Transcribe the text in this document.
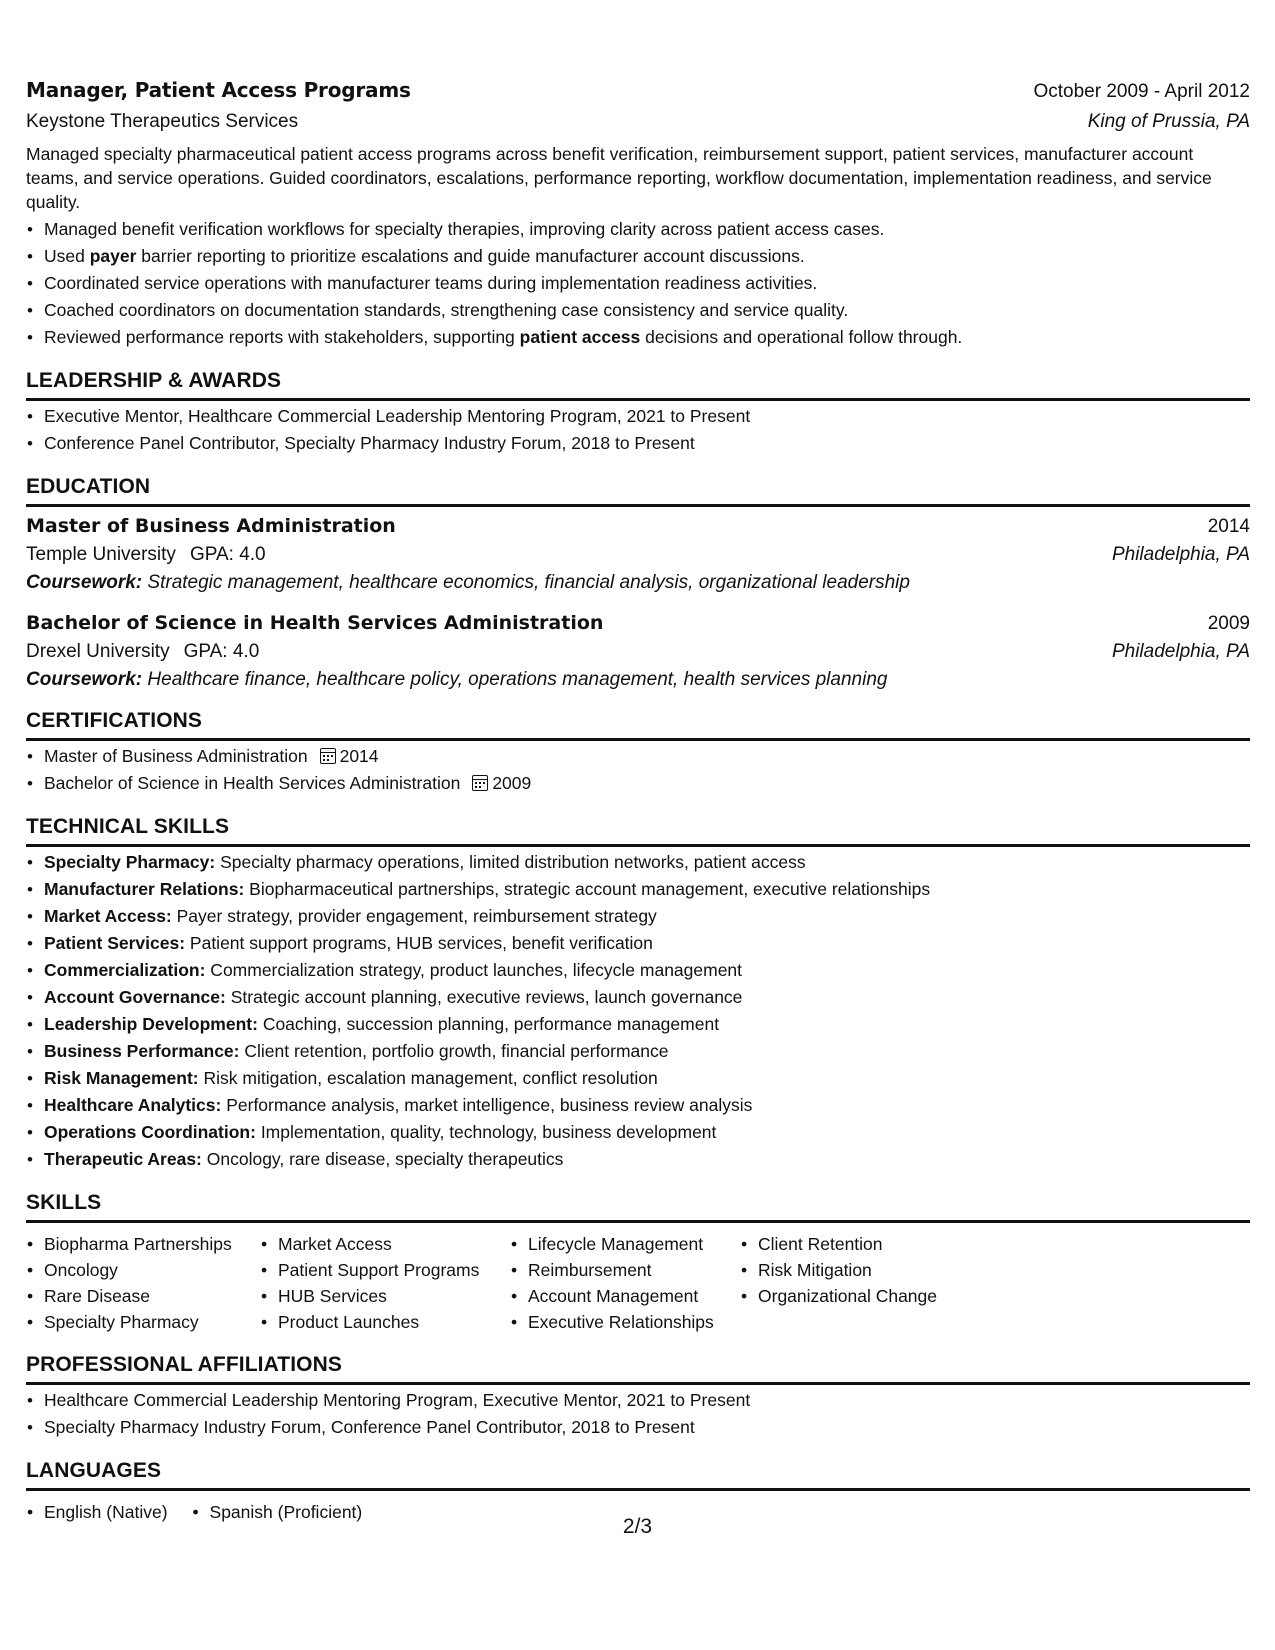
Manager, Patient Access Programs	October 2009 - April 2012
Keystone Therapeutics Services	King of Prussia, PA

Managed specialty pharmaceutical patient access programs across benefit verification, reimbursement support, patient services, manufacturer account teams, and service operations. Guided coordinators, escalations, performance reporting, workflow documentation, implementation readiness, and service quality.

• Managed benefit verification workflows for specialty therapies, improving clarity across patient access cases.
• Used payer barrier reporting to prioritize escalations and guide manufacturer account discussions.
• Coordinated service operations with manufacturer teams during implementation readiness activities.
• Coached coordinators on documentation standards, strengthening case consistency and service quality.
• Reviewed performance reports with stakeholders, supporting patient access decisions and operational follow through.
LEADERSHIP & AWARDS
• Executive Mentor, Healthcare Commercial Leadership Mentoring Program, 2021 to Present
• Conference Panel Contributor, Specialty Pharmacy Industry Forum, 2018 to Present
EDUCATION
Master of Business Administration	2014
Temple University GPA: 4.0	Philadelphia, PA
Coursework: Strategic management, healthcare economics, financial analysis, organizational leadership
Bachelor of Science in Health Services Administration	2009
Drexel University GPA: 4.0	Philadelphia, PA
Coursework: Healthcare finance, healthcare policy, operations management, health services planning
CERTIFICATIONS
• Master of Business Administration 2014
• Bachelor of Science in Health Services Administration 2009
TECHNICAL SKILLS
• Specialty Pharmacy: Specialty pharmacy operations, limited distribution networks, patient access
• Manufacturer Relations: Biopharmaceutical partnerships, strategic account management, executive relationships
• Market Access: Payer strategy, provider engagement, reimbursement strategy
• Patient Services: Patient support programs, HUB services, benefit verification
• Commercialization: Commercialization strategy, product launches, lifecycle management
• Account Governance: Strategic account planning, executive reviews, launch governance
• Leadership Development: Coaching, succession planning, performance management
• Business Performance: Client retention, portfolio growth, financial performance
• Risk Management: Risk mitigation, escalation management, conflict resolution
• Healthcare Analytics: Performance analysis, market intelligence, business review analysis
• Operations Coordination: Implementation, quality, technology, business development
• Therapeutic Areas: Oncology, rare disease, specialty therapeutics
SKILLS
• Biopharma Partnerships
• Oncology
• Rare Disease
• Specialty Pharmacy
• Market Access
• Patient Support Programs
• HUB Services
• Product Launches
• Lifecycle Management
• Reimbursement
• Account Management
• Executive Relationships
• Client Retention
• Risk Mitigation
• Organizational Change
PROFESSIONAL AFFILIATIONS
• Healthcare Commercial Leadership Mentoring Program, Executive Mentor, 2021 to Present
• Specialty Pharmacy Industry Forum, Conference Panel Contributor, 2018 to Present
LANGUAGES
• English (Native)
•	Spanish (Proficient)
2/3
